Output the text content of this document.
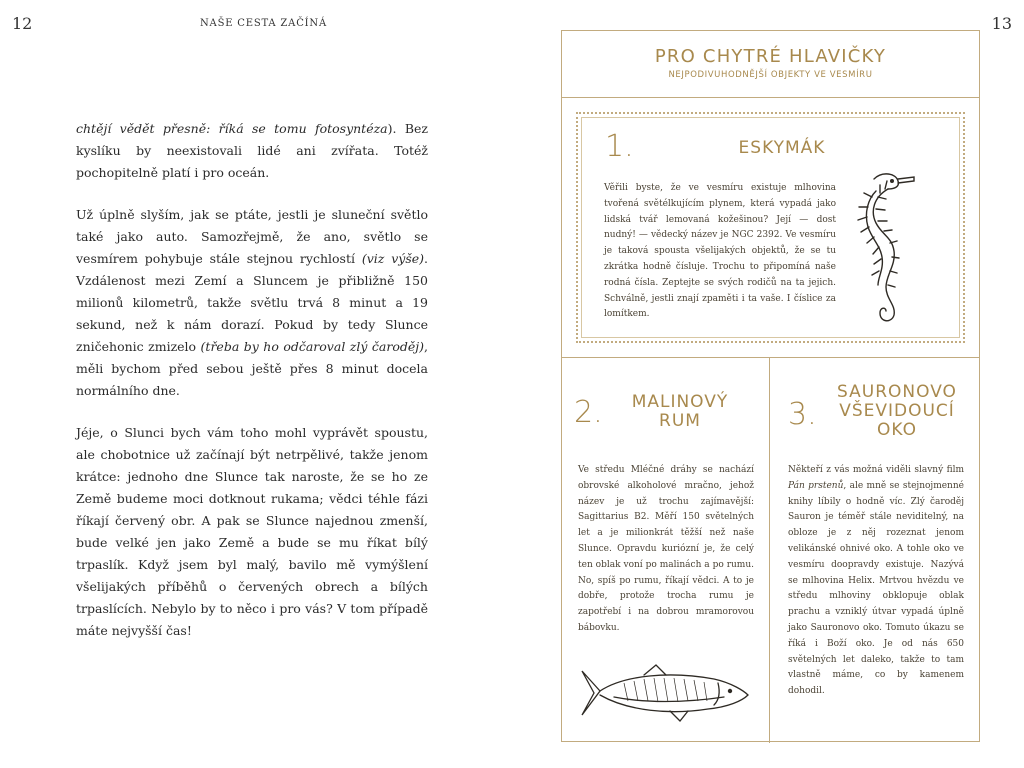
12	NAŠE CESTA ZAČÍNÁ	13

chtějí vědět přesně: říká se tomu fotosyntéza). Bez kyslíku by neexistovali lidé ani zvířata. Totéž pochopitelně platí i pro oceán.

Už úplně slyším, jak se ptáte, jestli je sluneční světlo také jako auto. Samozřejmě, že ano, světlo se vesmírem pohybuje stále stejnou rychlostí (viz výše). Vzdálenost mezi Zemí a Sluncem je přibližně 150 milionů kilometrů, takže světlu trvá 8 minut a 19 sekund, než k nám dorazí. Pokud by tedy Slunce zničehonic zmizelo (třeba by ho odčaroval zlý čaroděj), měli bychom před sebou ještě přes 8 minut docela normálního dne.

Jéje, o Slunci bych vám toho mohl vyprávět spoustu, ale chobotnice už začínají být netrpělivé, takže jenom krátce: jednoho dne Slunce tak naroste, že se ho ze Země budeme moci dotknout rukama; vědci téhle fázi říkají červený obr. A pak se Slunce najednou zmenší, bude velké jen jako Země a bude se mu říkat bílý trpaslík. Když jsem byl malý, bavilo mě vymýšlení všelijakých příběhů o červených obrech a bílých trpaslících. Nebylo by to něco i pro vás? V tom případě máte nejvyšší čas!

PRO CHYTRÉ HLAVIČKY
NEJPODIVUHODNĚJŠÍ OBJEKTY VE VESMÍRU
1.	ESKYMÁK
Věřili byste, že ve vesmíru existuje mlhovina tvořená světélkujícím plynem, která vypadá jako lidská tvář lemovaná kožešinou? Její — dost nudný! — vědecký název je NGC 2392. Ve vesmíru je taková spousta všelijakých objektů, že se tu zkrátka hodně čísluje. Trochu to připomíná naše rodná čísla. Zeptejte se svých rodičů na ta jejich. Schválně, jestli znají zpaměti i ta vaše. I číslice za lomítkem.
2.	MALINOVÝ
RUM
Ve středu Mléčné dráhy se nachází obrovské alkoholové mračno, jehož název je už trochu zajímavější: Sagittarius B2. Měří 150 světelných let a je milionkrát těžší než naše Slunce. Opravdu kuriózní je, že celý ten oblak voní po malinách a po rumu. No, spíš po rumu, říkají vědci. A to je dobře, protože trocha rumu je zapotřebí i na dobrou mramorovou bábovku.
3.
SAURONOVO
VŠEVIDOUCÍ
OKO
Někteří z vás možná viděli slavný film Pán prstenů, ale mně se stejnojmenné knihy líbily o hodně víc. Zlý čaroděj Sauron je téměř stále neviditelný, na obloze je z něj rozeznat jenom velikánské ohnivé oko. A tohle oko ve vesmíru doopravdy existuje. Nazývá se mlhovina Helix. Mrtvou hvězdu ve středu mlhoviny obklopuje oblak prachu a vzniklý útvar vypadá úplně jako Sauronovo oko. Tomuto úkazu se říká i Boží oko. Je od nás 650 světelných let daleko, takže to tam vlastně máme, co by kamenem dohodil.
